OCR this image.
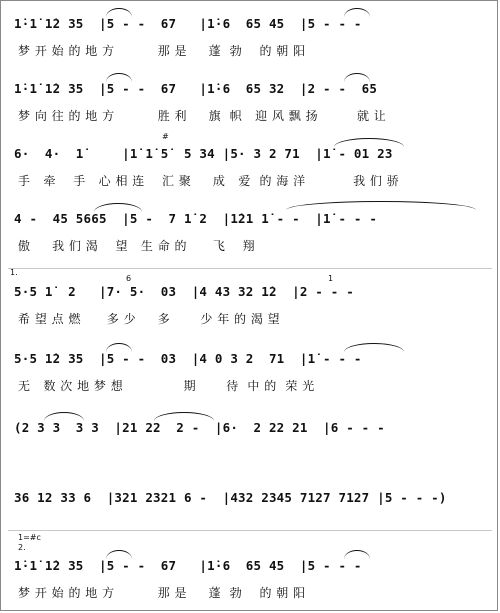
1̇·1̇ 1̇2 35  |5 - -  67   |1̇·6  65 45  |5 - - -
梦 开 始 的 地 方          那 是     蓬  勃    的 朝 阳
1̇·1̇ 1̇2 35  |5 - -  67   |1̇·6  65 32  |2 - -  65
梦 向 往 的 地 方          胜 利     旗  帜   迎 风 飘 扬         就 让
#
6·  4·  1̇     |1̇ 1̇ 5̇  5 34 |5· 3 2 71  |1̇ - 01 23
手   牵    手   心 相 连    汇 聚     成   爱  的 海 洋           我 们 骄
4 -  45 5665  |5 -  7 1̇ 2  |1̇21 1̇ - -  |1̇ - - -
傲     我 们 渴    望   生 命 的      飞    翔
1.
6	1
5·5 1̇  2   |7· 5·  03  |4 43 32 1̇2  |2 - - -
希 望 点 燃      多 少     多       少 年 的 渴 望
5·5 1̇2 35  |5 - -  03  |4 0 3 2  71  |1̇ - - -
无   数 次 地 梦 想              期       待  中 的  荣 光
(2 3 3  3 3  |21 22  2 -  |6·  2 22 21  |6 - - -
36 12 33 6  |321 2321 6 -  |432 2345 7127 7127 |5 - - -)
1=#c
2.
1̇·1̇ 1̇2 35  |5 - -  67   |1̇·6  65 45  |5 - - -
梦 开 始 的 地 方          那 是     蓬  勃    的 朝 阳
